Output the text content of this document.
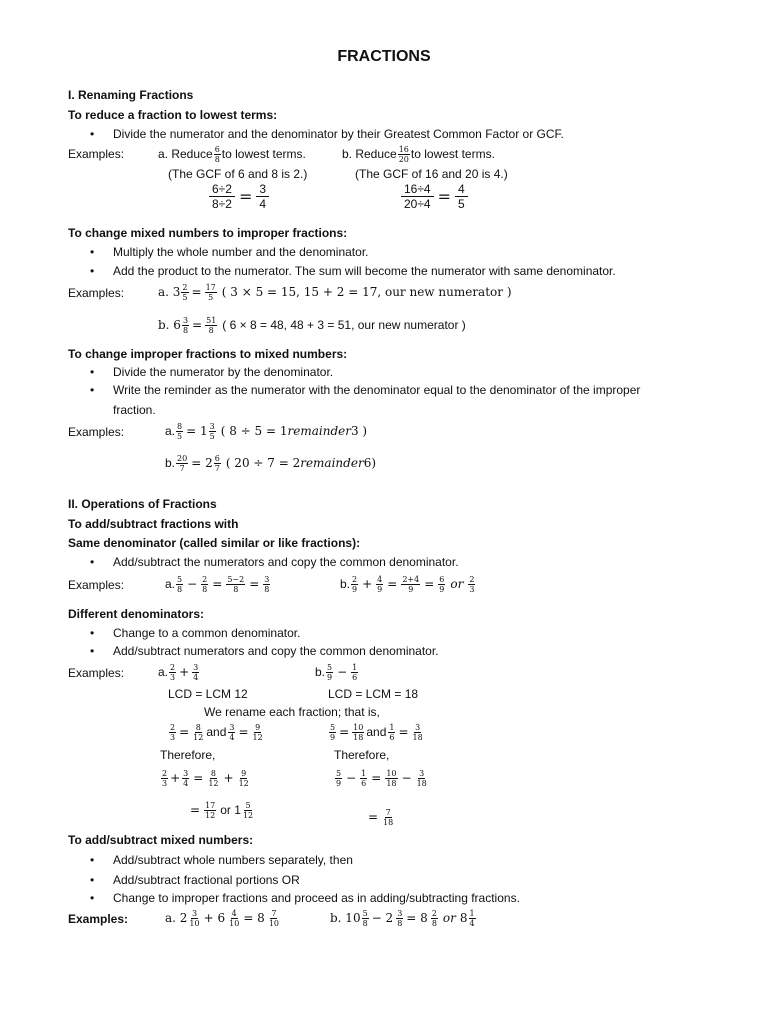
FRACTIONS
I. Renaming Fractions
To reduce a fraction to lowest terms:
• Divide the numerator and the denominator by their Greatest Common Factor or GCF.
Examples:	a. Reduce $\frac{6}{8}$ to lowest terms.	b. Reduce $\frac{16}{20}$ to lowest terms.
(The GCF of 6 and 8 is 2.)	(The GCF of 16 and 20 is 4.)
$\frac{6\div 2}{8\div 2} = \frac{3}{4}$	$\frac{16\div 4}{20\div 4} = \frac{4}{5}$
To change mixed numbers to improper fractions:
• Multiply the whole number and the denominator.
• Add the product to the numerator. The sum will become the numerator with same denominator.
Examples:	a. $3 \frac{2}{5} = \frac{17}{5}$ ( 3 × 5 = 15, 15 + 2 = 17, our new numerator )
b. $6 \frac{3}{8} = \frac{51}{8}$ ( 6 × 8 = 48, 48 + 3 = 51, our new numerator )
To change improper fractions to mixed numbers:
• Divide the numerator by the denominator.
• Write the reminder as the numerator with the denominator equal to the denominator of the improper
fraction.
Examples:	a. $\frac{8}{5} = 1 \frac{3}{5}$ ( 8 ÷ 5 = 1 remainder 3 )
b. $\frac{20}{7} = 2 \frac{6}{7}$ ( 20 ÷ 7 = 2 remainder 6)
II. Operations of Fractions
To add/subtract fractions with
Same denominator (called similar or like fractions):
• Add/subtract the numerators and copy the common denominator.
Examples:	a. $\frac{5}{8} - \frac{2}{8} = \frac{5-2}{8} = \frac{3}{8}$	b. $\frac{2}{9} + \frac{4}{9} = \frac{2+4}{9} = \frac{6}{9}$ or $\frac{2}{3}$
Different denominators:
• Change to a common denominator.
• Add/subtract numerators and copy the common denominator.
Examples:	a. $\frac{2}{3} + \frac{3}{4}$	b. $\frac{5}{9} - \frac{1}{6}$
LCD = LCM 12	LCD = LCM = 18
We rename each fraction; that is,
$\frac{2}{3} = \frac{8}{12}$ and $\frac{3}{4} = \frac{9}{12}$	$\frac{5}{9} = \frac{10}{18}$ and $\frac{1}{6} = \frac{3}{18}$
Therefore,	Therefore,
$\frac{2}{3} + \frac{3}{4} = \frac{8}{12} + \frac{9}{12}$	$\frac{5}{9} - \frac{1}{6} = \frac{10}{18} - \frac{3}{18}$
= $\frac{17}{12}$ or $1 \frac{5}{12}$	= $\frac{7}{18}$
To add/subtract mixed numbers:
• Add/subtract whole numbers separately, then
• Add/subtract fractional portions OR
• Change to improper fractions and proceed as in adding/subtracting fractions.
Examples:	a. $2 \frac{3}{10} + 6 \frac{4}{10} = 8 \frac{7}{10}$	b. $10 \frac{5}{8} - 2 \frac{3}{8} = 8 \frac{2}{8}$ or $8 \frac{1}{4}$
